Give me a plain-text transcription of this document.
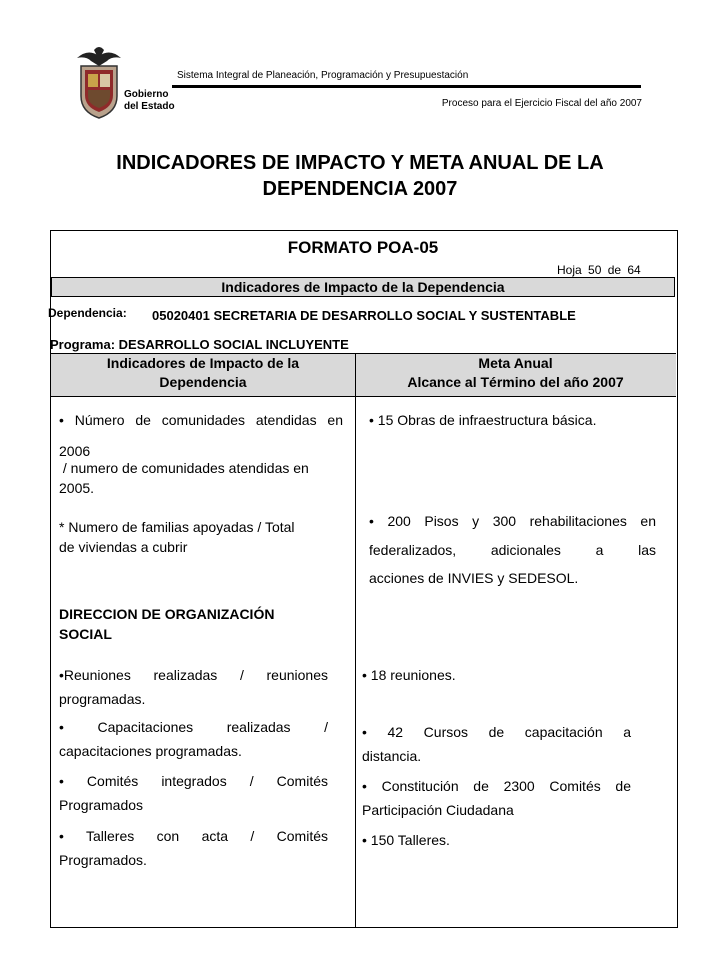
Gobierno
del Estado
Sistema Integral de Planeación, Programación y Presupuestación
Proceso para el Ejercicio Fiscal del año 2007
INDICADORES DE IMPACTO Y META ANUAL DE LA
DEPENDENCIA 2007
FORMATO POA-05
Hoja 50 de 64
Indicadores de Impacto de la Dependencia
Dependencia: 05020401 SECRETARIA DE DESARROLLO SOCIAL Y SUSTENTABLE
Programa: DESARROLLO SOCIAL INCLUYENTE
Indicadores de Impacto de la
Dependencia
Meta Anual
Alcance al Término del año 2007
• Número de comunidades atendidas en
2006
/ numero de comunidades atendidas en
2005.
* Numero de familias apoyadas / Total
de viviendas a cubrir
DIRECCION DE ORGANIZACIÓN
SOCIAL
•Reuniones realizadas / reuniones
programadas.
• Capacitaciones realizadas /
capacitaciones programadas.
• Comités integrados / Comités
Programados
• Talleres con acta / Comités
Programados.
• 15 Obras de infraestructura básica.
• 200 Pisos y 300 rehabilitaciones en
federalizados, adicionales a las
acciones de INVIES y SEDESOL.
• 18 reuniones.
• 42 Cursos de capacitación a
distancia.
• Constitución de 2300 Comités de
Participación Ciudadana
• 150 Talleres.
